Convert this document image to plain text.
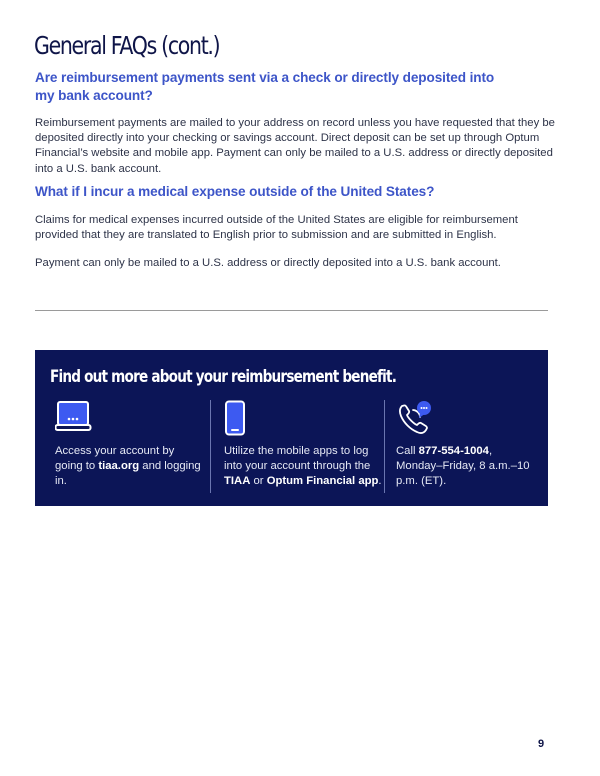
General FAQs (cont.)
Are reimbursement payments sent via a check or directly deposited into my bank account?

Reimbursement payments are mailed to your address on record unless you have requested that they be deposited directly into your checking or savings account. Direct deposit can be set up through Optum Financial’s website and mobile app. Payment can only be mailed to a U.S. address or directly deposited into a U.S. bank account.

What if I incur a medical expense outside of the United States?

Claims for medical expenses incurred outside of the United States are eligible for reimbursement provided that they are translated to English prior to submission and are submitted in English.

Payment can only be mailed to a U.S. address or directly deposited into a U.S. bank account.

Find out more about your reimbursement benefit.

Access your account by going to tiaa.org and logging in.

Utilize the mobile apps to log into your account through the TIAA or Optum Financial app.

Call 877-554-1004, Monday–Friday, 8 a.m.–10 p.m. (ET).

9
